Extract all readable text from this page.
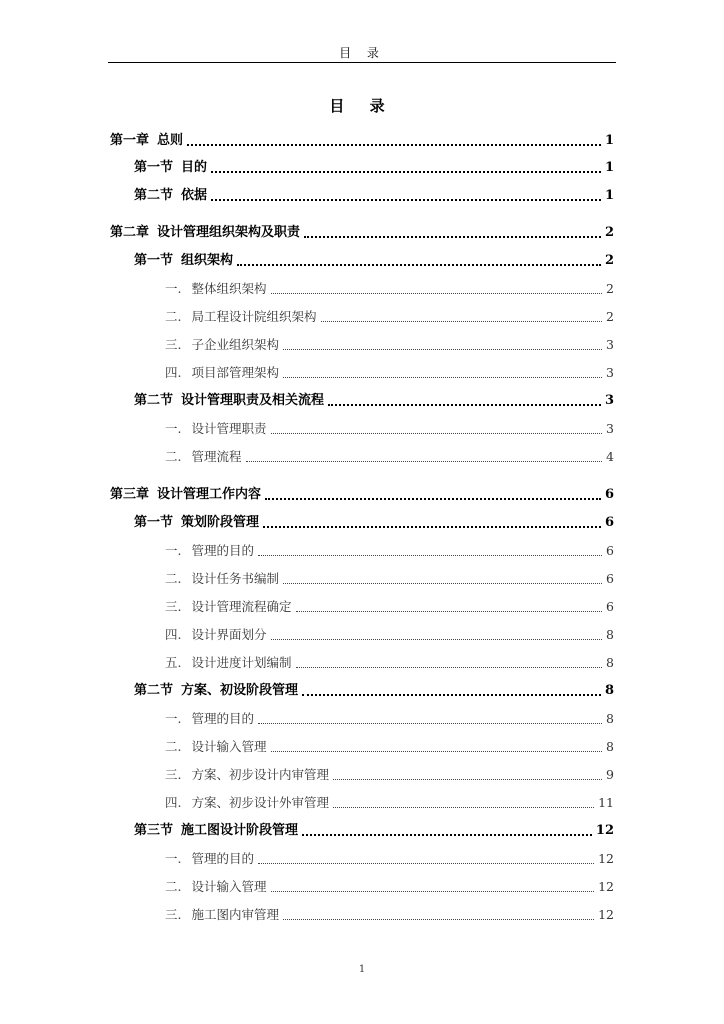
目 录
目 录
第一章 总则	1
第一节 目的	1
第二节 依据	1
第二章 设计管理组织架构及职责	2
第一节 组织架构	2
一. 整体组织架构	2
二. 局工程设计院组织架构	2
三. 子企业组织架构	3
四. 项目部管理架构	3
第二节 设计管理职责及相关流程	3
一. 设计管理职责	3
二. 管理流程	4
第三章 设计管理工作内容	6
第一节 策划阶段管理	6
一. 管理的目的	6
二. 设计任务书编制	6
三. 设计管理流程确定	6
四. 设计界面划分	8
五. 设计进度计划编制	8
第二节 方案、初设阶段管理	8
一. 管理的目的	8
二. 设计输入管理	8
三. 方案、初步设计内审管理	9
四. 方案、初步设计外审管理	11
第三节 施工图设计阶段管理	12
一. 管理的目的	12
二. 设计输入管理	12
三. 施工图内审管理	12
1
